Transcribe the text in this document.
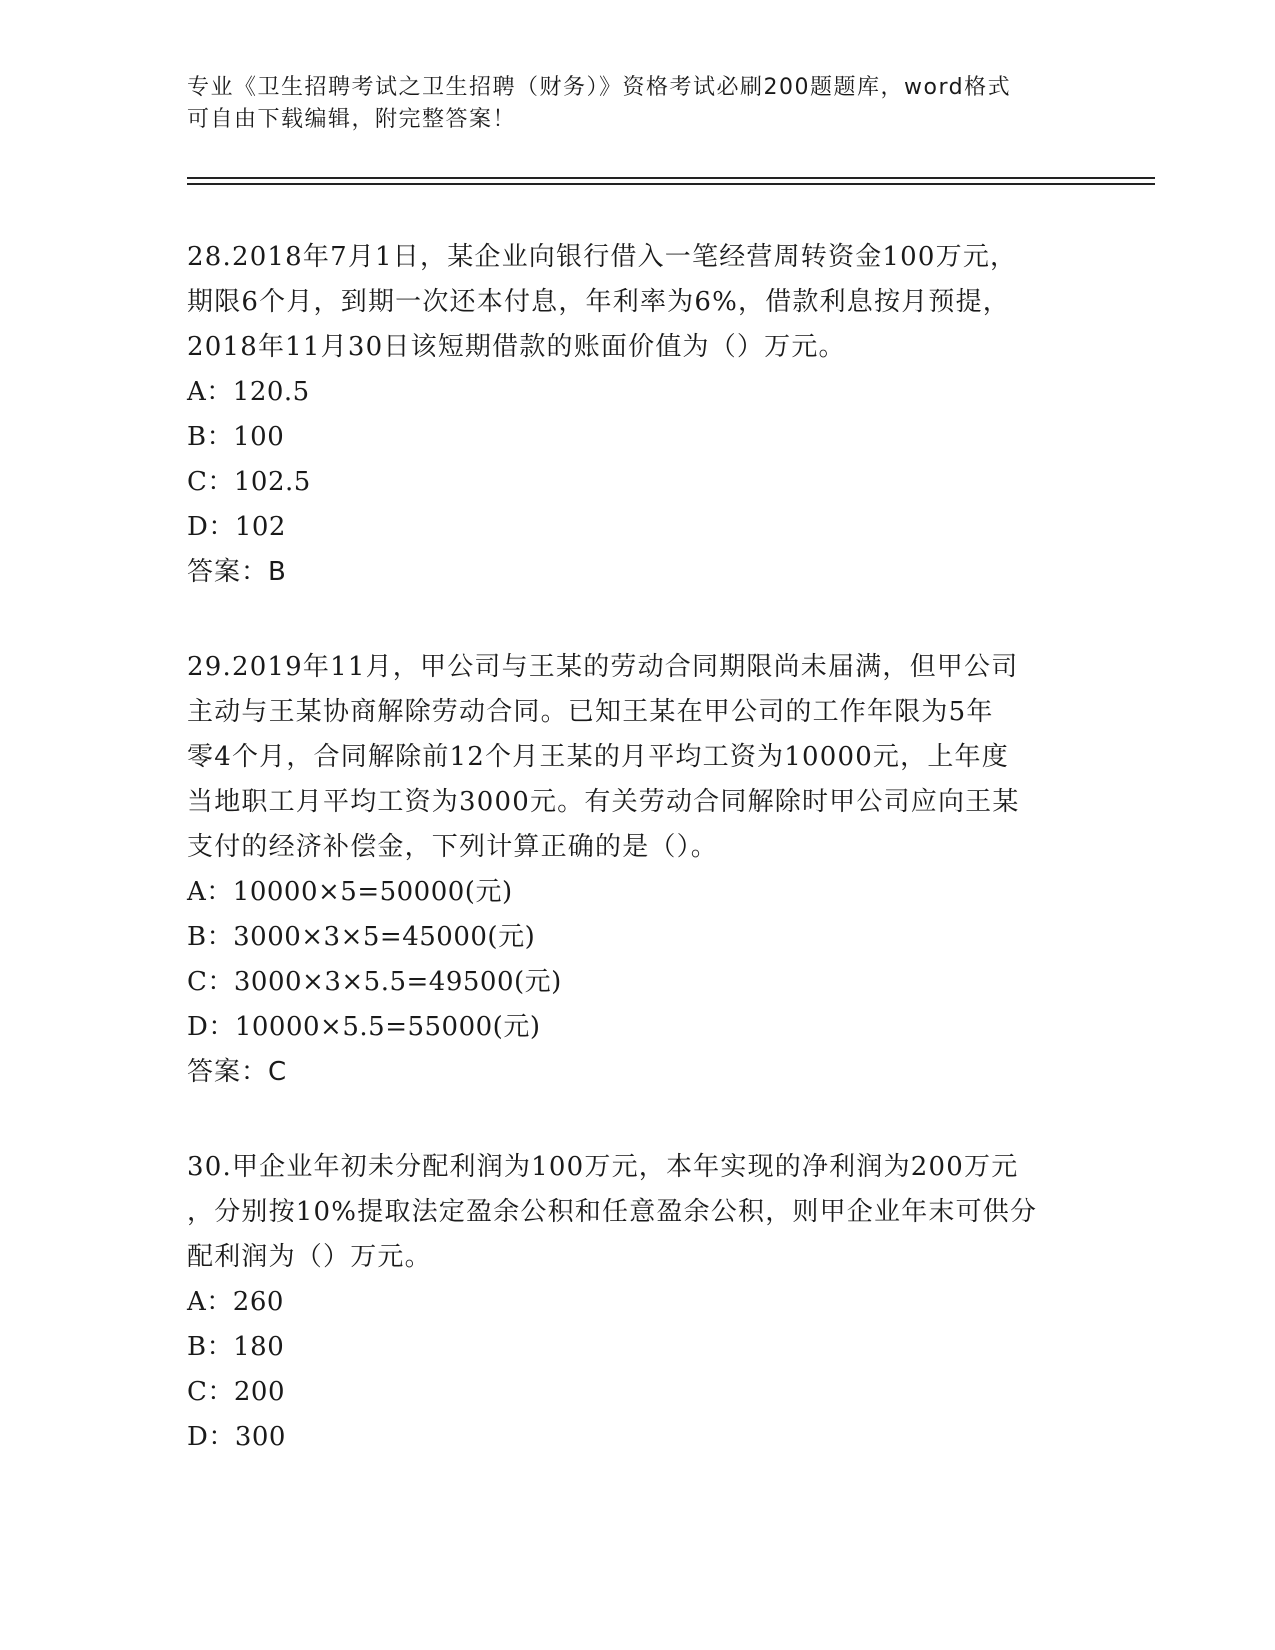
专业《卫生招聘考试之卫生招聘（财务）》资格考试必刷200题题库，word格式
可自由下载编辑，附完整答案！
28.2018年7月1日，某企业向银行借入一笔经营周转资金100万元，
期限6个月，到期一次还本付息，年利率为6%，借款利息按月预提，
2018年11月30日该短期借款的账面价值为（）万元。
A：120.5
B：100
C：102.5
D：102
答案：B
29.2019年11月，甲公司与王某的劳动合同期限尚未届满，但甲公司
主动与王某协商解除劳动合同。已知王某在甲公司的工作年限为5年
零4个月，合同解除前12个月王某的月平均工资为10000元，上年度
当地职工月平均工资为3000元。有关劳动合同解除时甲公司应向王某
支付的经济补偿金，下列计算正确的是（）。
A：10000×5=50000(元)
B：3000×3×5=45000(元)
C：3000×3×5.5=49500(元)
D：10000×5.5=55000(元)
答案：C
30.甲企业年初未分配利润为100万元，本年实现的净利润为200万元
，分别按10%提取法定盈余公积和任意盈余公积，则甲企业年末可供分
配利润为（）万元。
A：260
B：180
C：200
D：300
